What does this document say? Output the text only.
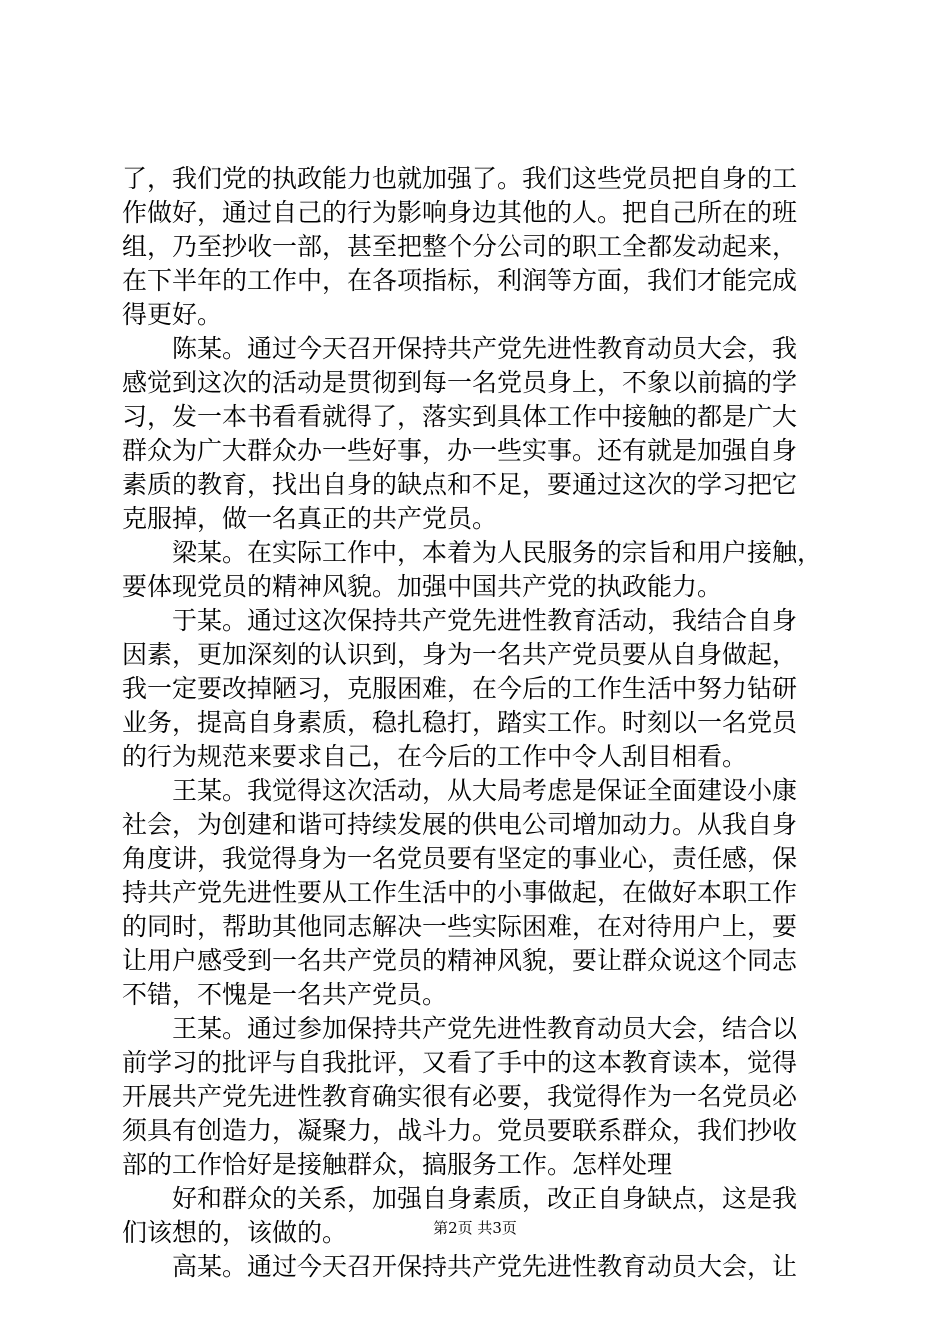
了，我们党的执政能力也就加强了。我们这些党员把自身的工
作做好，通过自己的行为影响身边其他的人。把自己所在的班
组，乃至抄收一部，甚至把整个分公司的职工全都发动起来，
在下半年的工作中，在各项指标，利润等方面，我们才能完成
得更好。
　　陈某。通过今天召开保持共产党先进性教育动员大会，我
感觉到这次的活动是贯彻到每一名党员身上，不象以前搞的学
习，发一本书看看就得了，落实到具体工作中接触的都是广大
群众为广大群众办一些好事，办一些实事。还有就是加强自身
素质的教育，找出自身的缺点和不足，要通过这次的学习把它
克服掉，做一名真正的共产党员。
　　梁某。在实际工作中，本着为人民服务的宗旨和用户接触，
要体现党员的精神风貌。加强中国共产党的执政能力。
　　于某。通过这次保持共产党先进性教育活动，我结合自身
因素，更加深刻的认识到，身为一名共产党员要从自身做起，
我一定要改掉陋习，克服困难，在今后的工作生活中努力钻研
业务，提高自身素质，稳扎稳打，踏实工作。时刻以一名党员
的行为规范来要求自己，在今后的工作中令人刮目相看。
　　王某。我觉得这次活动，从大局考虑是保证全面建设小康
社会，为创建和谐可持续发展的供电公司增加动力。从我自身
角度讲，我觉得身为一名党员要有坚定的事业心，责任感，保
持共产党先进性要从工作生活中的小事做起，在做好本职工作
的同时，帮助其他同志解决一些实际困难，在对待用户上，要
让用户感受到一名共产党员的精神风貌，要让群众说这个同志
不错，不愧是一名共产党员。
　　王某。通过参加保持共产党先进性教育动员大会，结合以
前学习的批评与自我批评，又看了手中的这本教育读本，觉得
开展共产党先进性教育确实很有必要，我觉得作为一名党员必
须具有创造力，凝聚力，战斗力。党员要联系群众，我们抄收
部的工作恰好是接触群众，搞服务工作。怎样处理
　　好和群众的关系，加强自身素质，改正自身缺点，这是我
们该想的，该做的。
　　高某。通过今天召开保持共产党先进性教育动员大会，让
第2页 共3页
